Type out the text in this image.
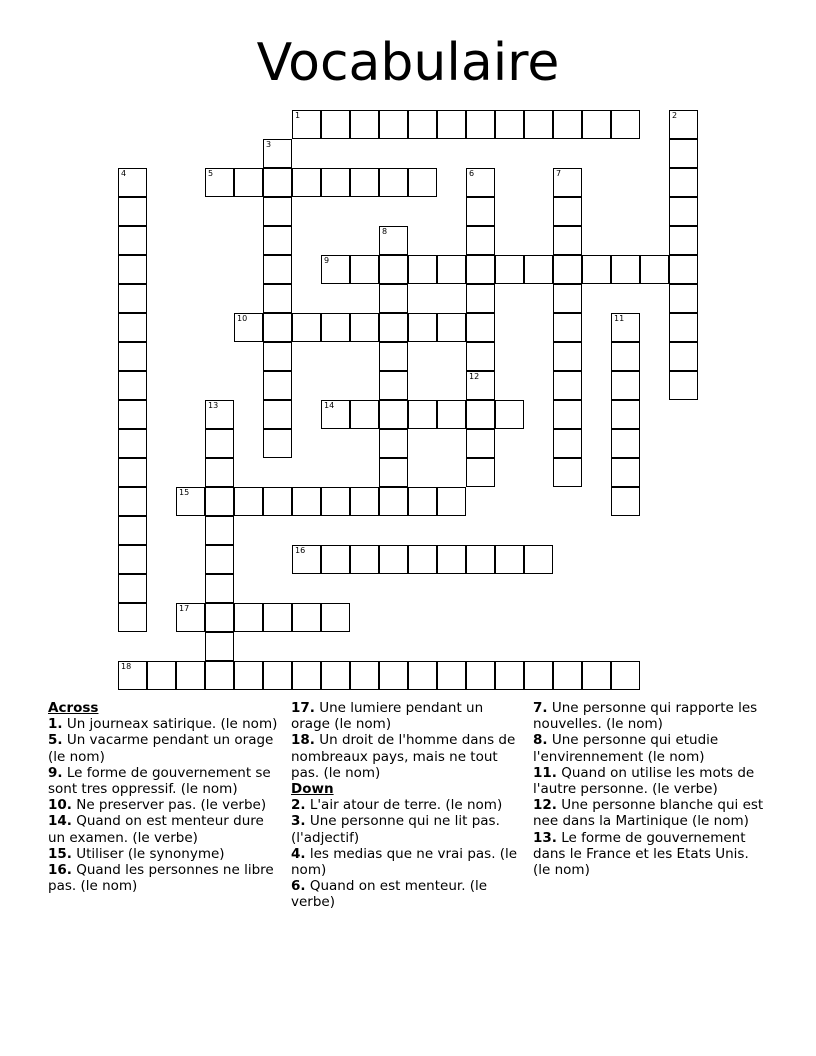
Vocabulaire
1	2
3
4	5	6	7
8
9
10	11
12
13	14
15
16
17
18
Across
1. Un journeax satirique. (le nom)
5. Un vacarme pendant un orage (le nom)
9. Le forme de gouvernement se sont tres oppressif. (le nom)
10. Ne preserver pas. (le verbe)
14. Quand on est menteur dure un examen. (le verbe)
15. Utiliser (le synonyme)
16. Quand les personnes ne libre pas. (le nom)
17. Une lumiere pendant un orage (le nom)
18. Un droit de l'homme dans de nombreaux pays, mais ne tout pas. (le nom)
Down
2. L'air atour de terre. (le nom)
3. Une personne qui ne lit pas. (l'adjectif)
4. les medias que ne vrai pas. (le nom)
6. Quand on est menteur. (le verbe)
7. Une personne qui rapporte les nouvelles. (le nom)
8. Une personne qui etudie l'envirennement (le nom)
11. Quand on utilise les mots de l'autre personne. (le verbe)
12. Une personne blanche qui est nee dans la Martinique (le nom)
13. Le forme de gouvernement dans le France et les Etats Unis. (le nom)
